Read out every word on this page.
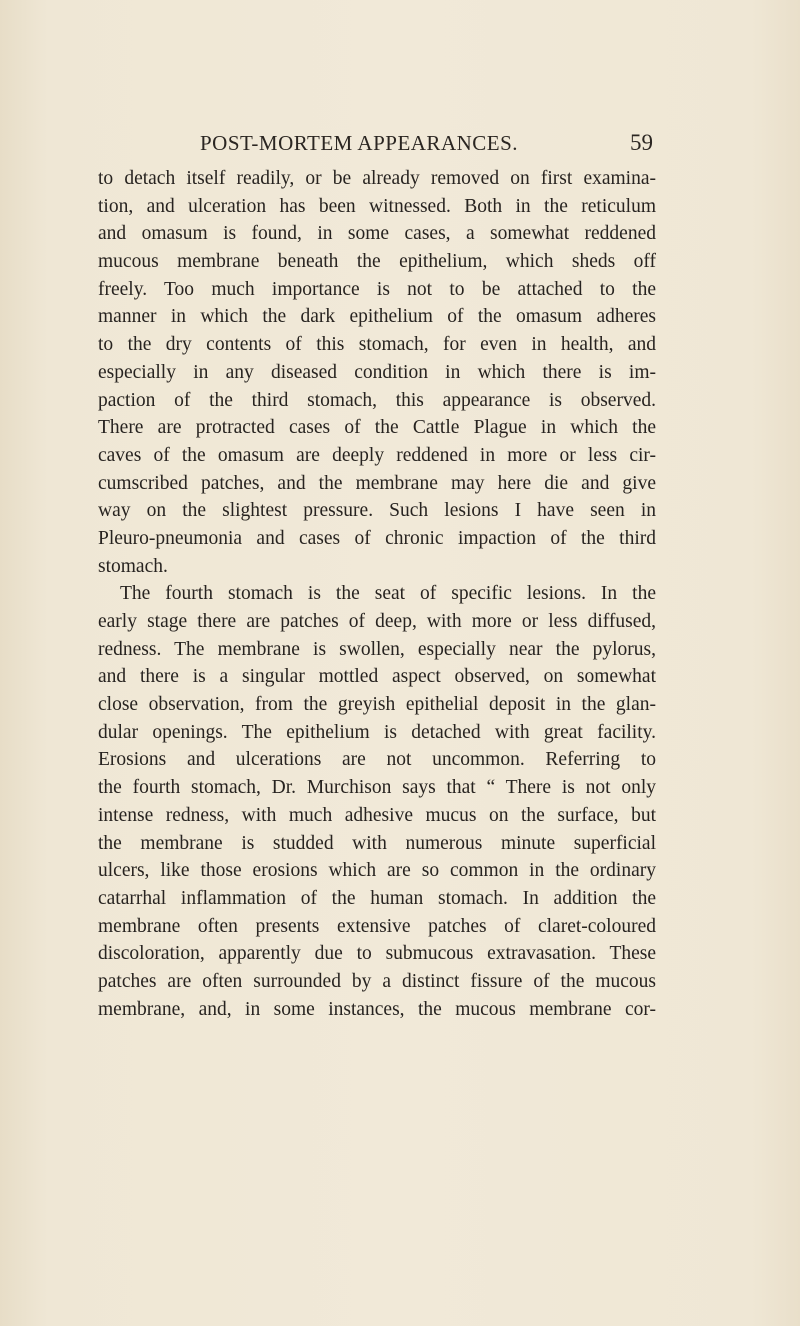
POST-MORTEM APPEARANCES.	59

to detach itself readily, or be already removed on first examina-
tion, and ulceration has been witnessed. Both in the reticulum
and omasum is found, in some cases, a somewhat reddened
mucous membrane beneath the epithelium, which sheds off
freely. Too much importance is not to be attached to the
manner in which the dark epithelium of the omasum adheres
to the dry contents of this stomach, for even in health, and
especially in any diseased condition in which there is im-
paction of the third stomach, this appearance is observed.
There are protracted cases of the Cattle Plague in which the
caves of the omasum are deeply reddened in more or less cir-
cumscribed patches, and the membrane may here die and give
way on the slightest pressure. Such lesions I have seen in
Pleuro-pneumonia and cases of chronic impaction of the third
stomach.

The fourth stomach is the seat of specific lesions. In the
early stage there are patches of deep, with more or less diffused,
redness. The membrane is swollen, especially near the pylorus,
and there is a singular mottled aspect observed, on somewhat
close observation, from the greyish epithelial deposit in the glan-
dular openings. The epithelium is detached with great facility.
Erosions and ulcerations are not uncommon. Referring to
the fourth stomach, Dr. Murchison says that “ There is not only
intense redness, with much adhesive mucus on the surface, but
the membrane is studded with numerous minute superficial
ulcers, like those erosions which are so common in the ordinary
catarrhal inflammation of the human stomach. In addition the
membrane often presents extensive patches of claret-coloured
discoloration, apparently due to submucous extravasation. These
patches are often surrounded by a distinct fissure of the mucous
membrane, and, in some instances, the mucous membrane cor-
